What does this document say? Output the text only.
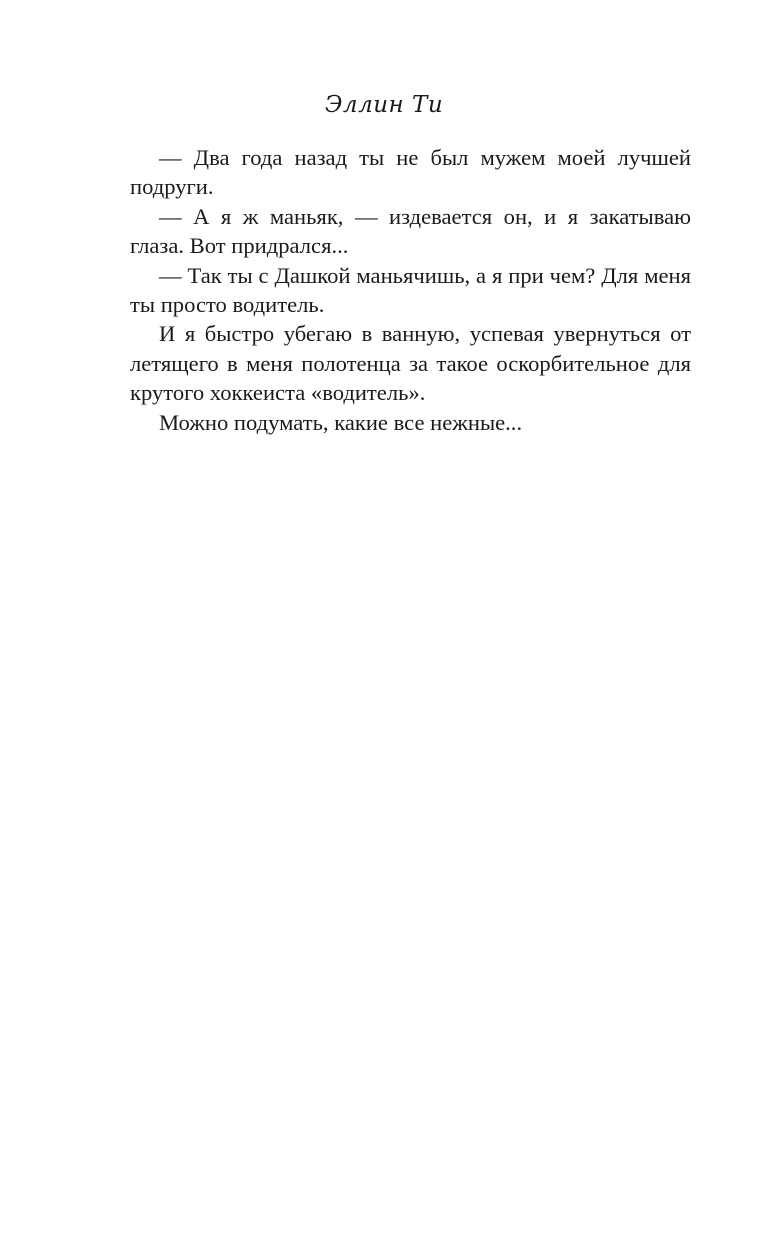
Эллин Ти

— Два года назад ты не был мужем моей лучшей подруги.

— А я ж маньяк, — издевается он, и я закатываю глаза. Вот придрался...

— Так ты с Дашкой маньячишь, а я при чем? Для меня ты просто водитель.

И я быстро убегаю в ванную, успевая увернуться от летящего в меня полотенца за такое оскорбительное для крутого хоккеиста «водитель».

Можно подумать, какие все нежные...
